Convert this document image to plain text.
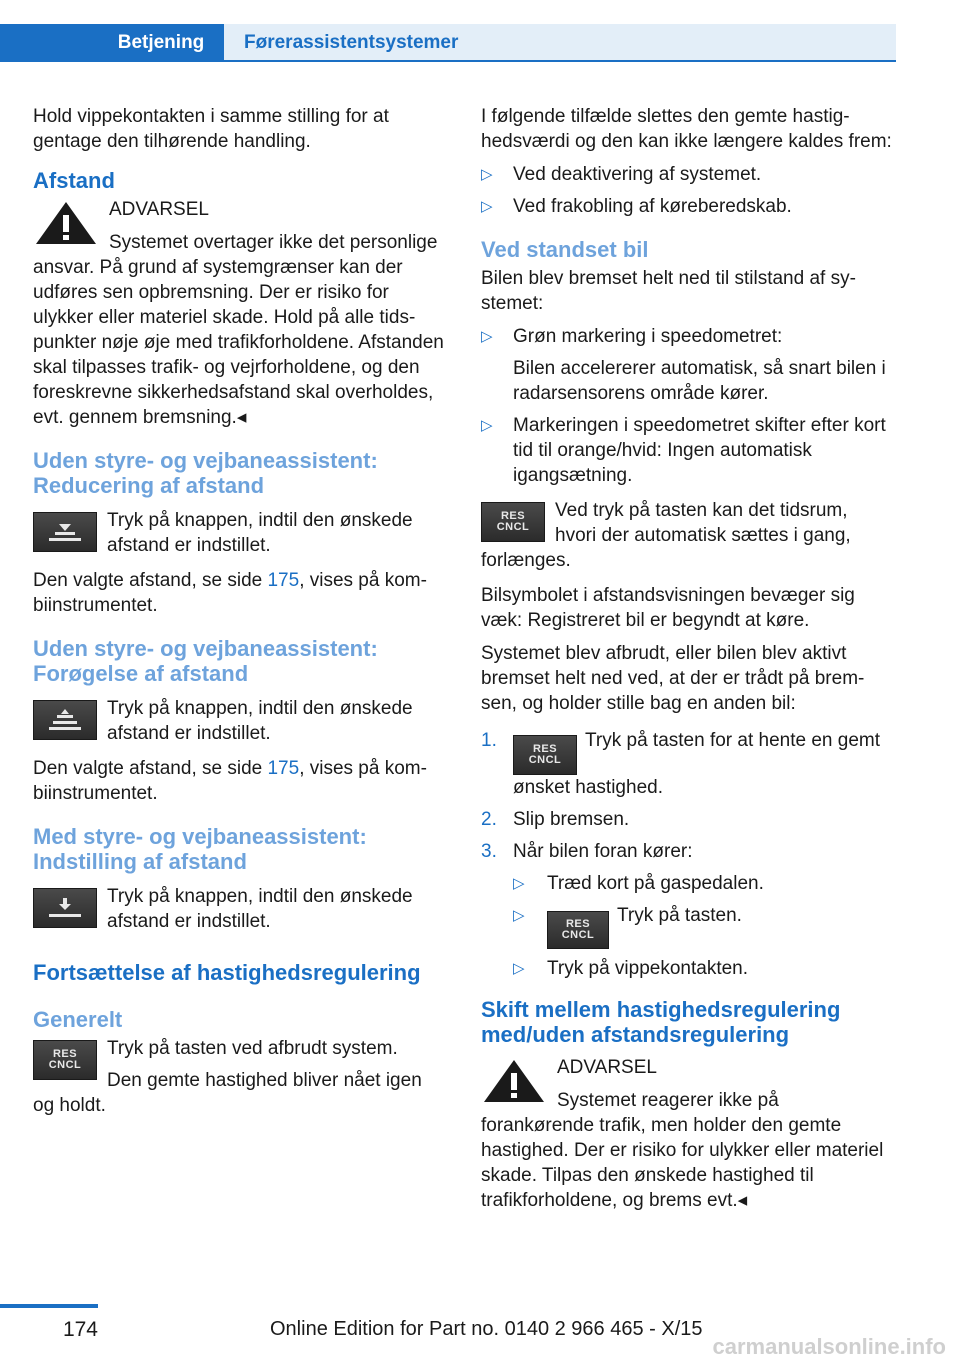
Betjening	Førerassistentsystemer

Hold vippekontakten i samme stilling for at gentage den tilhørende handling.

Afstand
ADVARSEL
Systemet overtager ikke det personlige ansvar. På grund af systemgrænser kan der udføres sen opbremsning. Der er risiko for ulykker eller materiel skade. Hold på alle tidspunkter nøje øje med trafikforholdene. Afstanden skal tilpasses trafik- og vejrforholdene, og den foreskrevne sikkerhedsafstand skal overholdes, evt. gennem bremsning.◂
Uden styre- og vejbaneassistent: Reducering af afstand
Tryk på knappen, indtil den ønskede afstand er indstillet.

Den valgte afstand, se side 175, vises på kombiinstrumentet.

Uden styre- og vejbaneassistent: Forøgelse af afstand
Tryk på knappen, indtil den ønskede afstand er indstillet.

Den valgte afstand, se side 175, vises på kombiinstrumentet.

Med styre- og vejbaneassistent: Indstilling af afstand
Tryk på knappen, indtil den ønskede afstand er indstillet.
Fortsættelse af hastighedsregulering
Generelt
RES
CNCL
Tryk på tasten ved afbrudt system.
Den gemte hastighed bliver nået igen og holdt.

I følgende tilfælde slettes den gemte hastighedsværdi og den kan ikke længere kaldes frem:

▷ Ved deaktivering af systemet.
▷ Ved frakobling af køreberedskab.
Ved standset bil

Bilen blev bremset helt ned til stilstand af systemet:

▷ Grøn markering i speedometret:
Bilen accelererer automatisk, så snart bilen i radarsensorens område kører.
▷ Markeringen i speedometret skifter efter kort tid til orange/hvid: Ingen automatisk igangsætning.
RES
CNCL
Ved tryk på tasten kan det tidsrum, hvori der automatisk sættes i gang, forlænges.

Bilsymbolet i afstandsvisningen bevæger sig væk: Registreret bil er begyndt at køre.

Systemet blev afbrudt, eller bilen blev aktivt bremset helt ned ved, at der er trådt på bremsen, og holder stille bag en anden bil:

1.	RES
CNCL
Tryk på tasten for at hente en gemt ønsket hastighed.
2. Slip bremsen.
3. Når bilen foran kører:
▷ Træd kort på gaspedalen.
▷	RES
CNCL
Tryk på tasten.
▷ Tryk på vippekontakten.
Skift mellem hastighedsregulering med/uden afstandsregulering
ADVARSEL
Systemet reagerer ikke på forankørende trafik, men holder den gemte hastighed. Der er risiko for ulykker eller materiel skade. Tilpas den ønskede hastighed til trafikforholdene, og brems evt.◂
174	Online Edition for Part no. 0140 2 966 465 - X/15
carmanualsonline.info
